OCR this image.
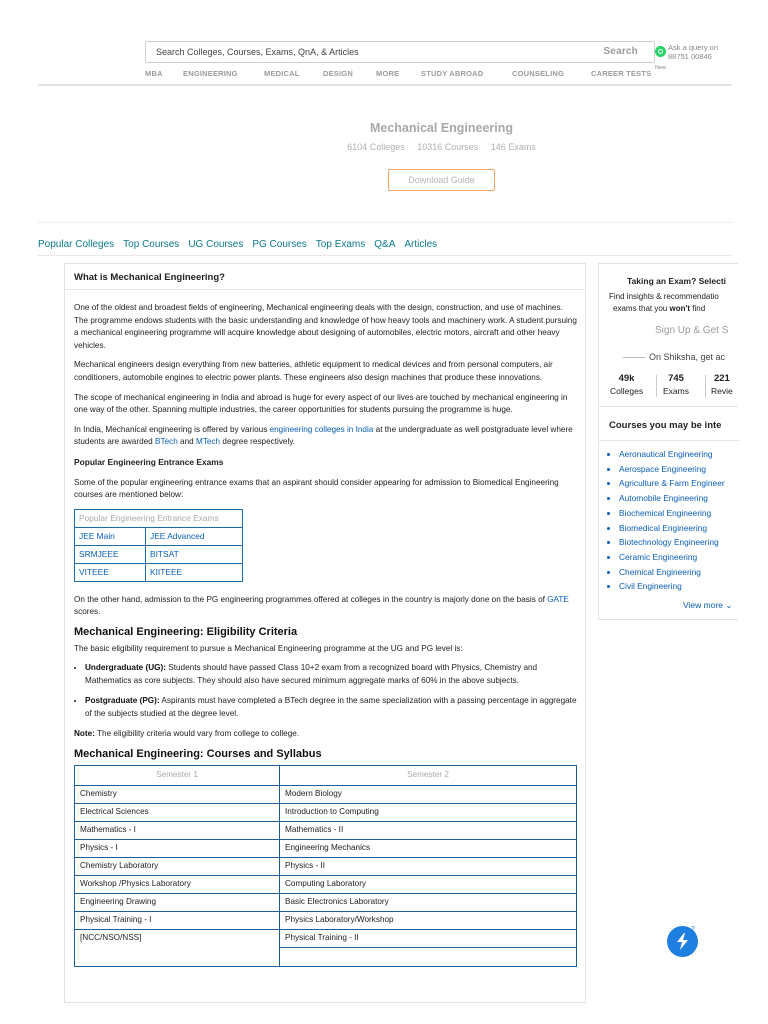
Search Colleges, Courses, Exams, QnA, & Articles
Search	Ask a query on
88751 00846
New
MBA	ENGINEERING	MEDICAL	DESIGN	MORE	STUDY ABROAD	COUNSELING	CAREER TESTS
Mechanical Engineering
6104 Colleges 10316 Courses 146 Exams
Download Guide
Popular Colleges Top Courses UG Courses PG Courses Top Exams Q&A Articles
What is Mechanical Engineering?

One of the oldest and broadest fields of engineering, Mechanical engineering deals with the design, construction, and use of machines. The programme endows students with the basic understanding and knowledge of how heavy tools and machinery work. A student pursuing a mechanical engineering programme will acquire knowledge about designing of automobiles, electric motors, aircraft and other heavy vehicles.

Mechanical engineers design everything from new batteries, athletic equipment to medical devices and from personal computers, air conditioners, automobile engines to electric power plants. These engineers also design machines that produce these innovations.

The scope of mechanical engineering in India and abroad is huge for every aspect of our lives are touched by mechanical engineering in one way of the other. Spanning multiple industries, the career opportunities for students pursuing the programme is huge.

In India, Mechanical engineering is offered by various engineering colleges in India at the undergraduate as well postgraduate level where students are awarded BTech and MTech degree respectively.

Popular Engineering Entrance Exams

Some of the popular engineering entrance exams that an aspirant should consider appearing for admission to Biomedical Engineering courses are mentioned below:

Popular Engineering Entrance Exams	
JEE Main	JEE Advanced
SRMJEEE	BITSAT
VITEEE	KIITEEE

On the other hand, admission to the PG engineering programmes offered at colleges in the country is majorly done on the basis of GATE scores.

Mechanical Engineering: Eligibility Criteria

The basic eligibility requirement to pursue a Mechanical Engineering programme at the UG and PG level is:

• Undergraduate (UG): Students should have passed Class 10+2 exam from a recognized board with Physics, Chemistry and Mathematics as core subjects. They should also have secured minimum aggregate marks of 60% in the above subjects.
• Postgraduate (PG): Aspirants must have completed a BTech degree in the same specialization with a passing percentage in aggregate of the subjects studied at the degree level.

Note: The eligibility criteria would vary from college to college.

Mechanical Engineering: Courses and Syllabus
Semester 1	Semester 2
Chemistry	Modern Biology
Electrical Sciences	Introduction to Computing
Mathematics - I	Mathematics - II
Physics - I	Engineering Mechanics
Chemistry Laboratory	Physics - II
Workshop /Physics Laboratory	Computing Laboratory
Engineering Drawing	Basic Electronics Laboratory
Physical Training - I	Physics Laboratory/Workshop
[NCC/NSO/NSS]	Physical Training - II

Taking an Exam? Selecti
Find insights & recommendatio
exams that you won't find
Sign Up & Get S
On Shiksha, get ac
49k
Colleges
745
Exams
221
Revie
Courses you may be inte
• Aeronautical Engineering
• Aerospace Engineering
• Agriculture & Farm Engineer
• Automobile Engineering
• Biochemical Engineering
• Biomedical Engineering
• Biotechnology Engineering
• Ceramic Engineering
• Chemical Engineering
• Civil Engineering
View more ⌄
2
